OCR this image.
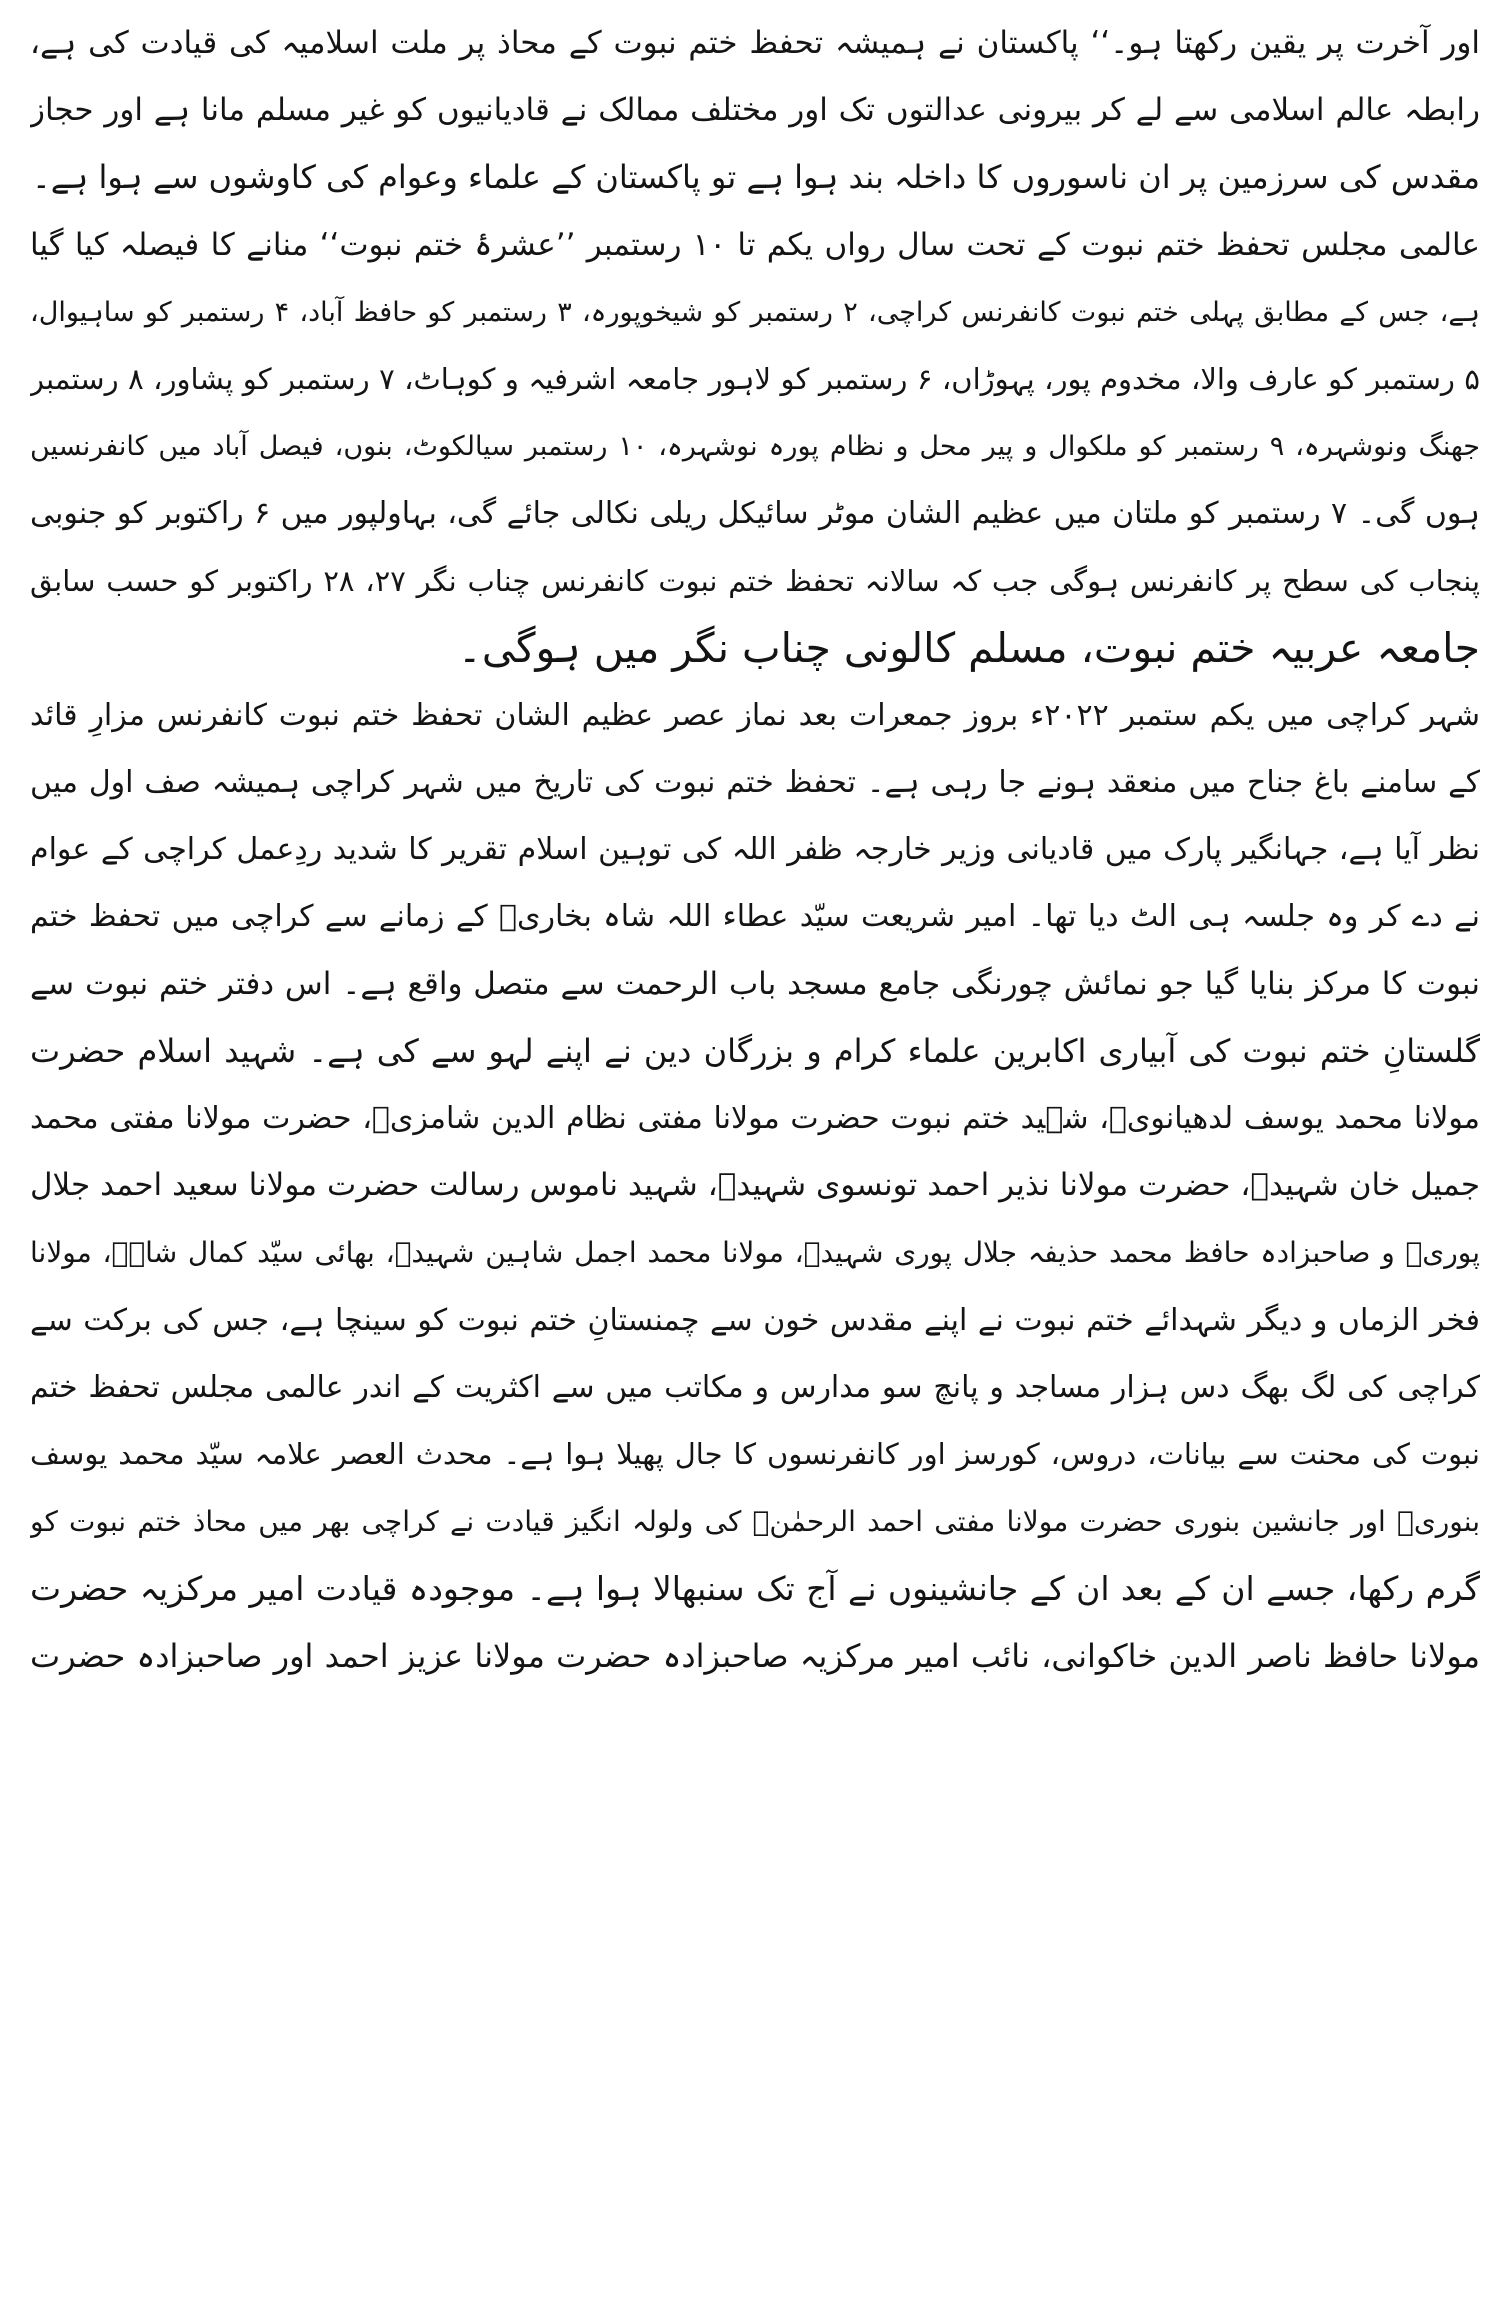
اور آخرت پر یقین رکھتا ہو۔‘‘ پاکستان نے ہمیشہ تحفظ ختم نبوت کے محاذ پر ملت اسلامیہ کی قیادت کی ہے،
رابطہ عالم اسلامی سے لے کر بیرونی عدالتوں تک اور مختلف ممالک نے قادیانیوں کو غیر مسلم مانا ہے اور حجاز
مقدس کی سرزمین پر ان ناسوروں کا داخلہ بند ہوا ہے تو پاکستان کے علماء وعوام کی کاوشوں سے ہوا ہے۔
عالمی مجلس تحفظ ختم نبوت کے تحت سال رواں یکم تا ۱۰ رستمبر ’’عشرۂ ختم نبوت‘‘ منانے کا فیصلہ کیا گیا
ہے، جس کے مطابق پہلی ختم نبوت کانفرنس کراچی، ۲ رستمبر کو شیخوپورہ، ۳ رستمبر کو حافظ آباد، ۴ رستمبر کو ساہیوال،
۵ رستمبر کو عارف والا، مخدوم پور، پہوڑاں، ۶ رستمبر کو لاہور جامعہ اشرفیہ و کوہاٹ، ۷ رستمبر کو پشاور، ۸ رستمبر
جھنگ ونوشہرہ، ۹ رستمبر کو ملکوال و پیر محل و نظام پورہ نوشہرہ، ۱۰ رستمبر سیالکوٹ، بنوں، فیصل آباد میں کانفرنسیں
ہوں گی۔ ۷ رستمبر کو ملتان میں عظیم الشان موٹر سائیکل ریلی نکالی جائے گی، بہاولپور میں ۶ راکتوبر کو جنوبی
پنجاب کی سطح پر کانفرنس ہوگی جب کہ سالانہ تحفظ ختم نبوت کانفرنس چناب نگر ۲۷، ۲۸ راکتوبر کو حسب سابق
جامعہ عربیہ ختم نبوت، مسلم کالونی چناب نگر میں ہوگی۔
شہر کراچی میں یکم ستمبر ۲۰۲۲ء بروز جمعرات بعد نماز عصر عظیم الشان تحفظ ختم نبوت کانفرنس مزارِ قائد
کے سامنے باغ جناح میں منعقد ہونے جا رہی ہے۔ تحفظ ختم نبوت کی تاریخ میں شہر کراچی ہمیشہ صف اول میں
نظر آیا ہے، جہانگیر پارک میں قادیانی وزیر خارجہ ظفر اللہ کی توہین اسلام تقریر کا شدید ردِعمل کراچی کے عوام
نے دے کر وہ جلسہ ہی الٹ دیا تھا۔ امیر شریعت سیّد عطاء اللہ شاہ بخاریؒ کے زمانے سے کراچی میں تحفظ ختم
نبوت کا مرکز بنایا گیا جو نمائش چورنگی جامع مسجد باب الرحمت سے متصل واقع ہے۔ اس دفتر ختم نبوت سے
گلستانِ ختم نبوت کی آبیاری اکابرین علماء کرام و بزرگان دین نے اپنے لہو سے کی ہے۔ شہید اسلام حضرت
مولانا محمد یوسف لدھیانویؒ، شہید ختم نبوت حضرت مولانا مفتی نظام الدین شامزیؒ، حضرت مولانا مفتی محمد
جمیل خان شہیدؒ، حضرت مولانا نذیر احمد تونسوی شہیدؒ، شہید ناموس رسالت حضرت مولانا سعید احمد جلال
پوریؒ و صاحبزادہ حافظ محمد حذیفہ جلال پوری شہیدؒ، مولانا محمد اجمل شاہین شہیدؒ، بھائی سیّد کمال شاہؒ، مولانا
فخر الزماں و دیگر شہدائے ختم نبوت نے اپنے مقدس خون سے چمنستانِ ختم نبوت کو سینچا ہے، جس کی برکت سے
کراچی کی لگ بھگ دس ہزار مساجد و پانچ سو مدارس و مکاتب میں سے اکثریت کے اندر عالمی مجلس تحفظ ختم
نبوت کی محنت سے بیانات، دروس، کورسز اور کانفرنسوں کا جال پھیلا ہوا ہے۔ محدث العصر علامہ سیّد محمد یوسف
بنوریؒ اور جانشین بنوری حضرت مولانا مفتی احمد الرحمٰنؒ کی ولولہ انگیز قیادت نے کراچی بھر میں محاذ ختم نبوت کو
گرم رکھا، جسے ان کے بعد ان کے جانشینوں نے آج تک سنبھالا ہوا ہے۔ موجودہ قیادت امیر مرکزیہ حضرت
مولانا حافظ ناصر الدین خاکوانی، نائب امیر مرکزیہ صاحبزادہ حضرت مولانا عزیز احمد اور صاحبزادہ حضرت
